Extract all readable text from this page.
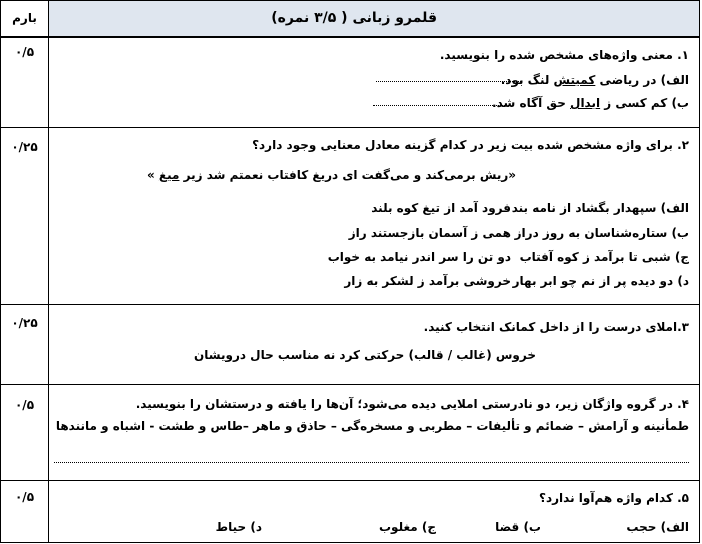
قلمرو زبانی ( ۳/۵ نمره)
بارم
۰/۵	۱. معنی واژه‌های مشخص شده را بنویسید.
الف) در ریاضی کمیتش لنگ بود.
ب) کم کسی ز ابدال حق آگاه شد.
۰/۲۵	۲. برای واژه مشخص شده بیت زیر در کدام گزینه معادل معنایی وجود دارد؟
«ریش برمی‌کند و می‌گفت ای دریغ کافتاب نعمتم شد زیر میغ »
الف) سپهدار بگشاد از نامه بند
فرود آمد از تیغ کوه بلند
ب) ستاره‌شناسان به روز دراز
همی ز آسمان بازجستند راز
ج) شبی تا برآمد ز کوه آفتاب
دو تن را سر اندر نیامد به خواب
د) دو دیده پر از نم چو ابر بهار
خروشی برآمد ز لشکر به زار
۰/۲۵	۳.املای درست را از داخل کمانک انتخاب کنید.
خروس (غالب / قالب) حرکتی کرد نه مناسب حال درویشان
۰/۵	۴. در گروه واژگان زیر، دو نادرستی املایی دیده می‌شود؛ آن‌ها را یافته و درستشان را بنویسید.
طمأنینه و آرامش – ضمائم و تألیفات – مطربی و مسخرەگی – حاذق و ماهر –طاس و طشت - اشباه و مانندها
۰/۵	۵. کدام واژه هم‌آوا ندارد؟
الف) حجب
ب) قضا
ج) مغلوب
د) حیاط
